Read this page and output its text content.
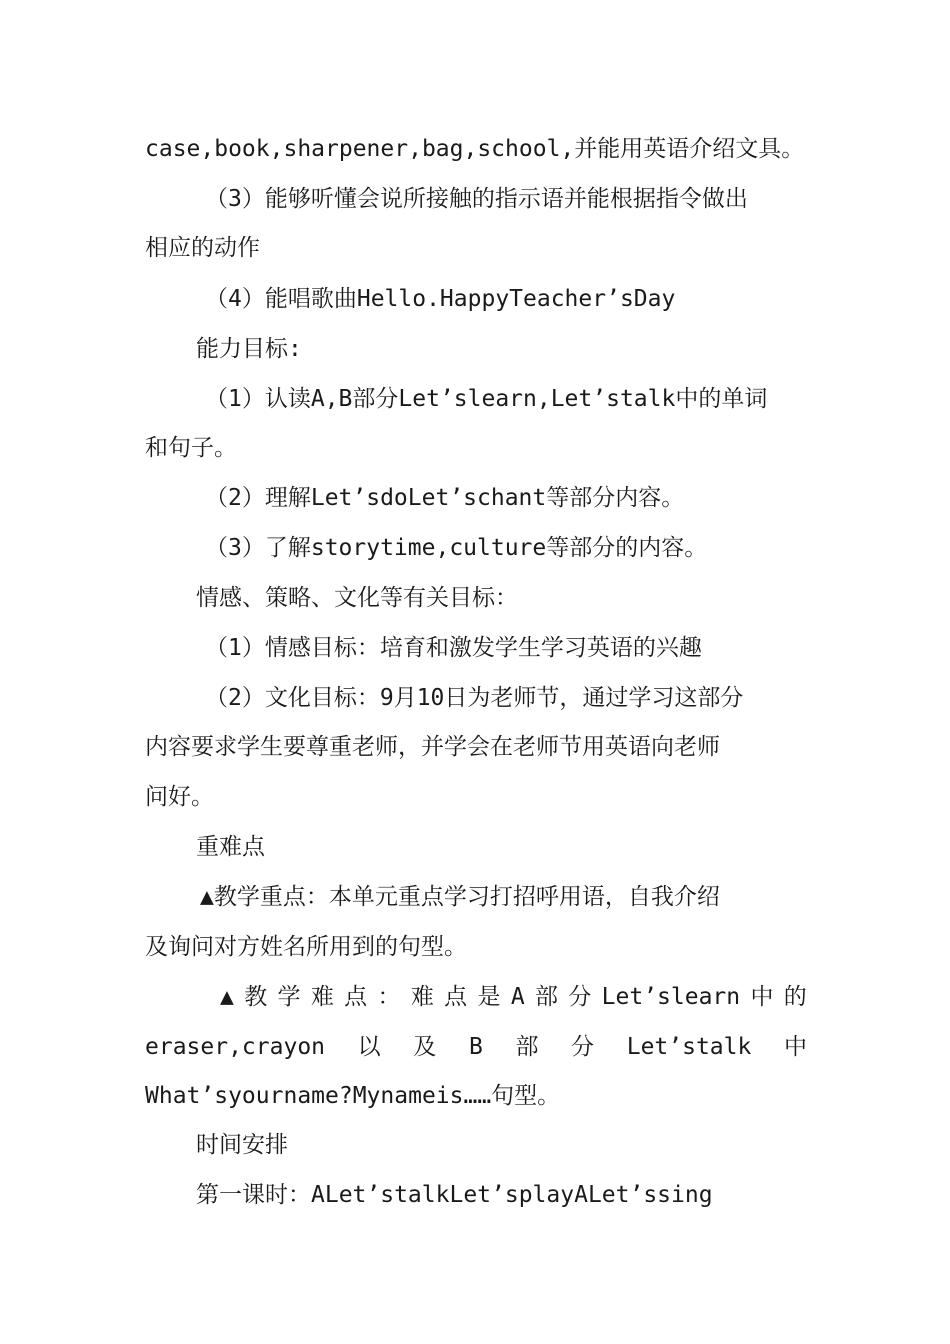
case,book,sharpener,bag,school,并能用英语介绍文具。
（3）能够听懂会说所接触的指示语并能根据指令做出
相应的动作
（4）能唱歌曲Hello.HappyTeacher’sDay
能力目标:
（1）认读A,B部分Let’slearn,Let’stalk中的单词
和句子。
（2）理解Let’sdoLet’schant等部分内容。
（3）了解storytime,culture等部分的内容。
情感、策略、文化等有关目标：
（1）情感目标：培育和激发学生学习英语的兴趣
（2）文化目标：9月10日为老师节，通过学习这部分
内容要求学生要尊重老师，并学会在老师节用英语向老师
问好。
重难点
▲教学重点：本单元重点学习打招呼用语，自我介绍
及询问对方姓名所用到的句型。
▲ 教 学 难 点 ： 难 点 是 A 部 分 Let’slearn 中 的
eraser,crayon 以 及 B 部 分 Let’stalk 中
What’syourname?Mynameis……句型。
时间安排
第一课时：ALet’stalkLet’splayALet’ssing
